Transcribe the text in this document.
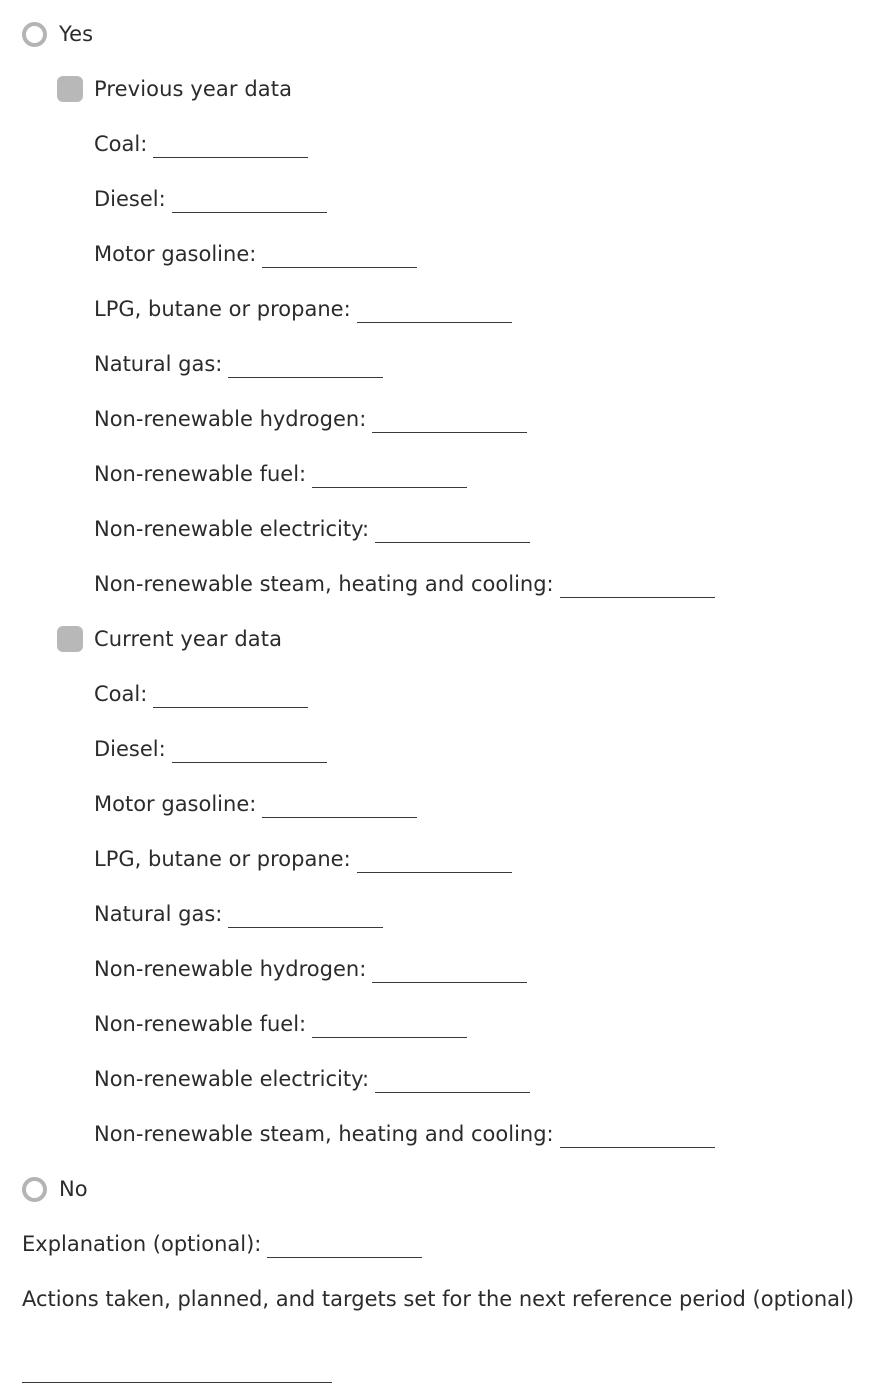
Yes
Previous year data
Coal:
Diesel:
Motor gasoline:
LPG, butane or propane:
Natural gas:
Non-renewable hydrogen:
Non-renewable fuel:
Non-renewable electricity:
Non-renewable steam, heating and cooling:
Current year data
Coal:
Diesel:
Motor gasoline:
LPG, butane or propane:
Natural gas:
Non-renewable hydrogen:
Non-renewable fuel:
Non-renewable electricity:
Non-renewable steam, heating and cooling:
No
Explanation (optional):
Actions taken, planned, and targets set for the next reference period (optional)
